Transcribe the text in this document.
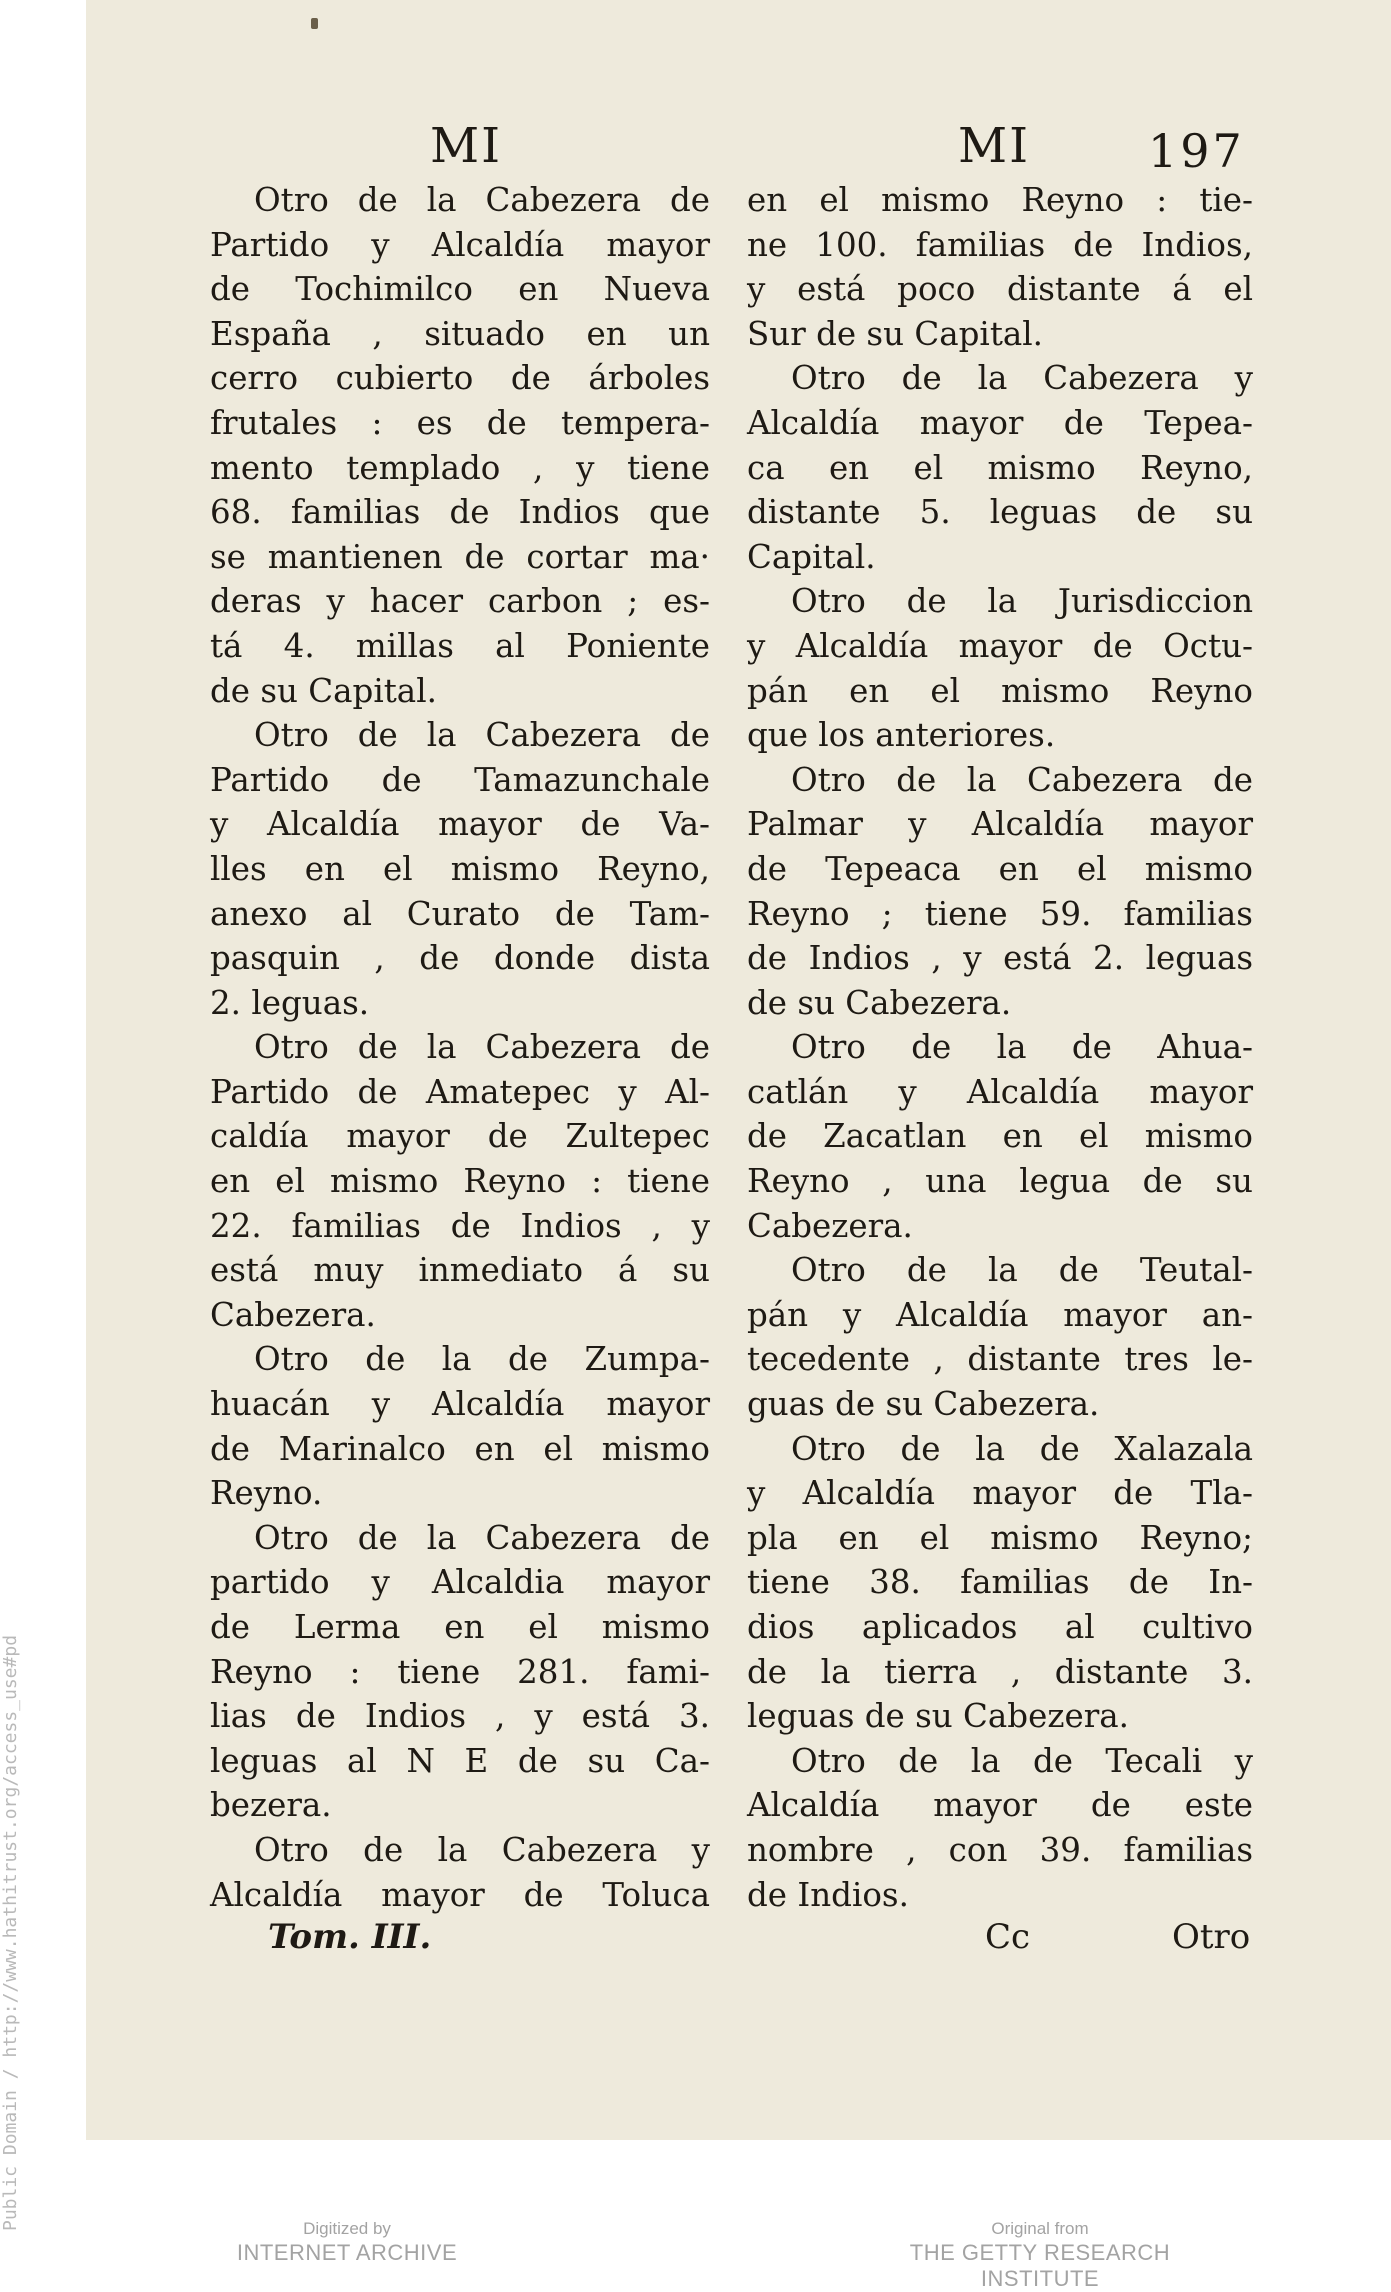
MI	MI	197
Otro de la Cabezera de
Partido y Alcaldía mayor
de Tochimilco en Nueva
España , situado en un
cerro cubierto de árboles
frutales : es de tempera-
mento templado , y tiene
68. familias de Indios que
se mantienen de cortar ma·
deras y hacer carbon ; es-
tá 4. millas al Poniente
de su Capital.
Otro de la Cabezera de
Partido de Tamazunchale
y Alcaldía mayor de Va-
lles en el mismo Reyno,
anexo al Curato de Tam-
pasquin , de donde dista
2. leguas.
Otro de la Cabezera de
Partido de Amatepec y Al-
caldía mayor de Zultepec
en el mismo Reyno : tiene
22. familias de Indios , y
está muy inmediato á su
Cabezera.
Otro de la de Zumpa-
huacán y Alcaldía mayor
de Marinalco en el mismo
Reyno.
Otro de la Cabezera de
partido y Alcaldia mayor
de Lerma en el mismo
Reyno : tiene 281. fami-
lias de Indios , y está 3.
leguas al N E de su Ca-
bezera.
Otro de la Cabezera y
Alcaldía mayor de Toluca
en el mismo Reyno : tie-
ne 100. familias de Indios,
y está poco distante á el
Sur de su Capital.
Otro de la Cabezera y
Alcaldía mayor de Tepea-
ca en el mismo Reyno,
distante 5. leguas de su
Capital.
Otro de la Jurisdiccion
y Alcaldía mayor de Octu-
pán en el mismo Reyno
que los anteriores.
Otro de la Cabezera de
Palmar y Alcaldía mayor
de Tepeaca en el mismo
Reyno ; tiene 59. familias
de Indios , y está 2. leguas
de su Cabezera.
Otro de la de Ahua-
catlán y Alcaldía mayor
de Zacatlan en el mismo
Reyno , una legua de su
Cabezera.
Otro de la de Teutal-
pán y Alcaldía mayor an-
tecedente , distante tres le-
guas de su Cabezera.
Otro de la de Xalazala
y Alcaldía mayor de Tla-
pla en el mismo Reyno;
tiene 38. familias de In-
dios aplicados al cultivo
de la tierra , distante 3.
leguas de su Cabezera.
Otro de la de Tecali y
Alcaldía mayor de este
nombre , con 39. familias
de Indios.
Tom. III.	Cc	Otro
Public Domain / http://www.hathitrust.org/access_use#pd	Digitized by
INTERNET ARCHIVE
Original from
THE GETTY RESEARCH INSTITUTE
